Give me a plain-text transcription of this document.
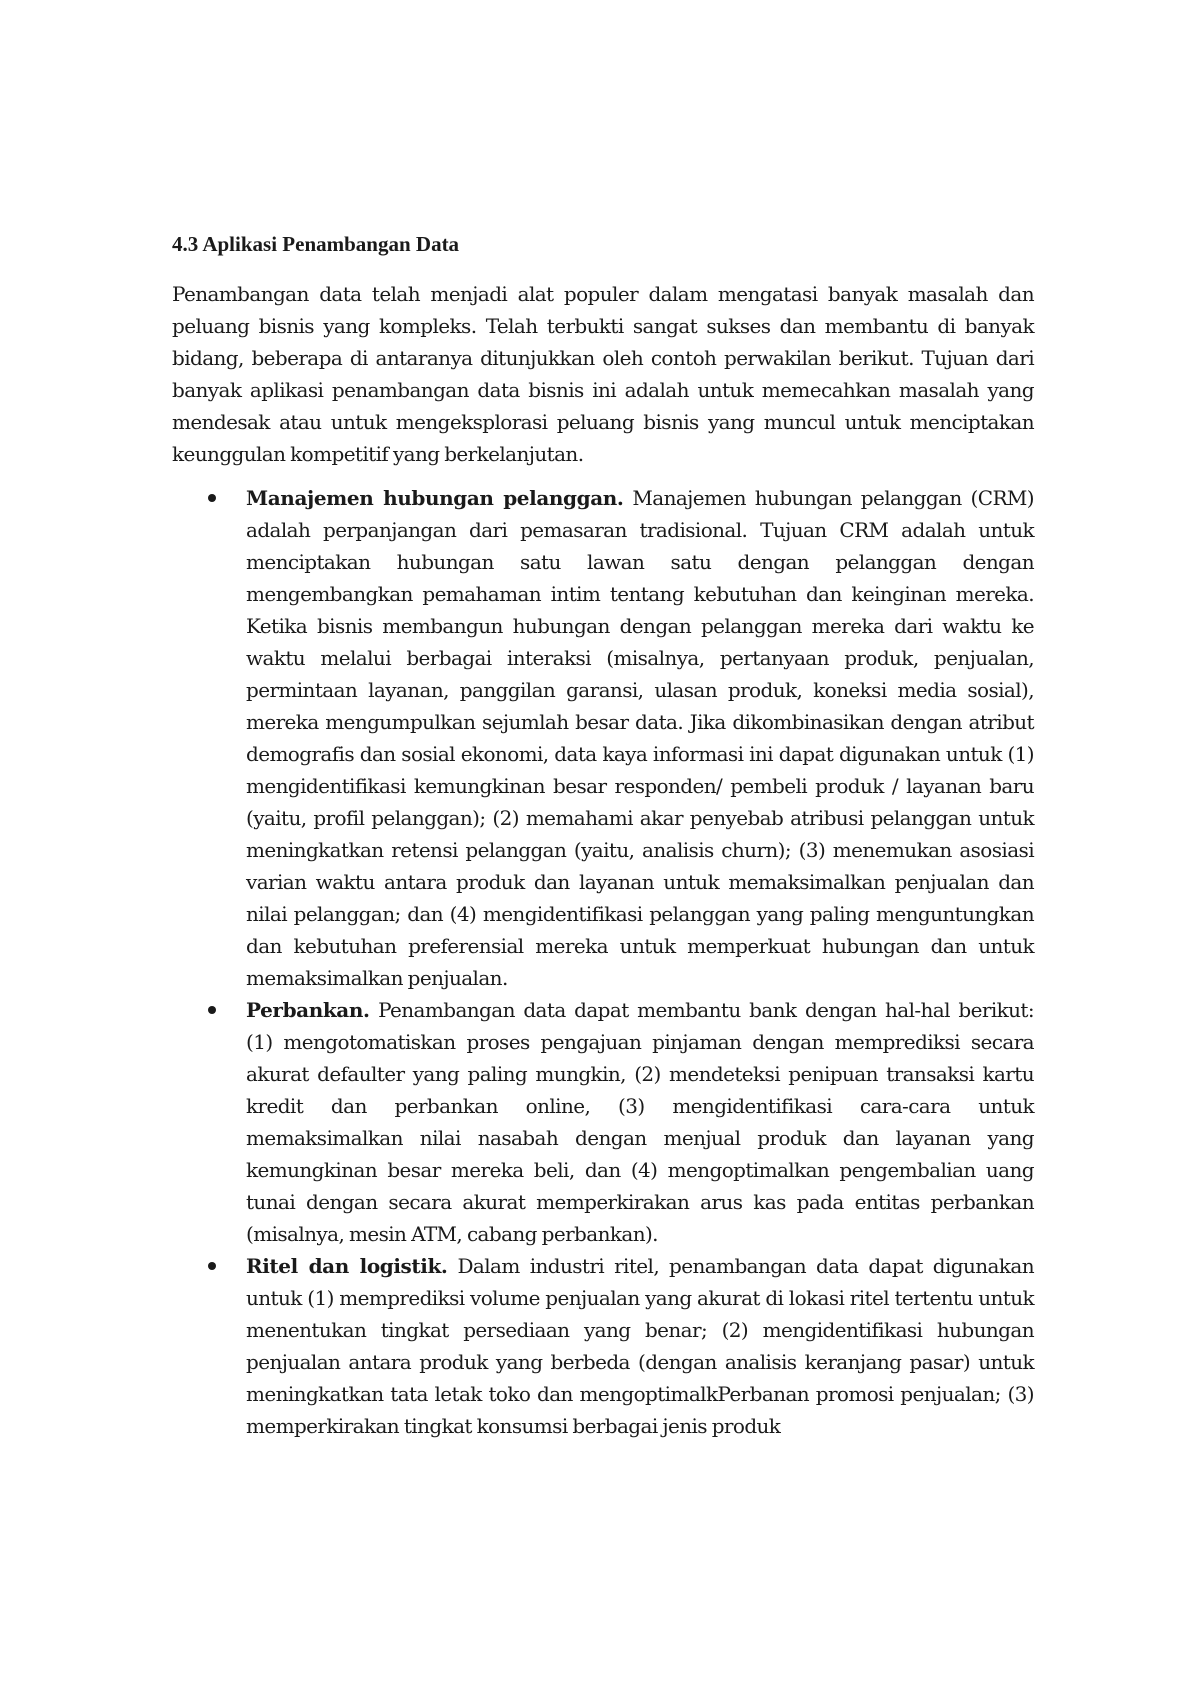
4.3 Aplikasi Penambangan Data

Penambangan data telah menjadi alat populer dalam mengatasi banyak masalah dan peluang bisnis yang kompleks. Telah terbukti sangat sukses dan membantu di banyak bidang, beberapa di antaranya ditunjukkan oleh contoh perwakilan berikut. Tujuan dari banyak aplikasi penambangan data bisnis ini adalah untuk memecahkan masalah yang mendesak atau untuk mengeksplorasi peluang bisnis yang muncul untuk menciptakan keunggulan kompetitif yang berkelanjutan.

Manajemen hubungan pelanggan. Manajemen hubungan pelanggan (CRM) adalah perpanjangan dari pemasaran tradisional. Tujuan CRM adalah untuk menciptakan hubungan satu lawan satu dengan pelanggan dengan mengembangkan pemahaman intim tentang kebutuhan dan keinginan mereka. Ketika bisnis membangun hubungan dengan pelanggan mereka dari waktu ke waktu melalui berbagai interaksi (misalnya, pertanyaan produk, penjualan, permintaan layanan, panggilan garansi, ulasan produk, koneksi media sosial), mereka mengumpulkan sejumlah besar data. Jika dikombinasikan dengan atribut demografis dan sosial ekonomi, data kaya informasi ini dapat digunakan untuk (1) mengidentifikasi kemungkinan besar responden/ pembeli produk / layanan baru (yaitu, profil pelanggan); (2) memahami akar penyebab atribusi pelanggan untuk meningkatkan retensi pelanggan (yaitu, analisis churn); (3) menemukan asosiasi varian waktu antara produk dan layanan untuk memaksimalkan penjualan dan nilai pelanggan; dan (4) mengidentifikasi pelanggan yang paling menguntungkan dan kebutuhan preferensial mereka untuk memperkuat hubungan dan untuk memaksimalkan penjualan.
Perbankan. Penambangan data dapat membantu bank dengan hal-hal berikut: (1) mengotomatiskan proses pengajuan pinjaman dengan memprediksi secara akurat defaulter yang paling mungkin, (2) mendeteksi penipuan transaksi kartu kredit dan perbankan online, (3) mengidentifikasi cara-cara untuk memaksimalkan nilai nasabah dengan menjual produk dan layanan yang kemungkinan besar mereka beli, dan (4) mengoptimalkan pengembalian uang tunai dengan secara akurat memperkirakan arus kas pada entitas perbankan (misalnya, mesin ATM, cabang perbankan).
Ritel dan logistik. Dalam industri ritel, penambangan data dapat digunakan untuk (1) memprediksi volume penjualan yang akurat di lokasi ritel tertentu untuk menentukan tingkat persediaan yang benar; (2) mengidentifikasi hubungan penjualan antara produk yang berbeda (dengan analisis keranjang pasar) untuk meningkatkan tata letak toko dan mengoptimalkPerbanan promosi penjualan; (3) memperkirakan tingkat konsumsi berbagai jenis produk
